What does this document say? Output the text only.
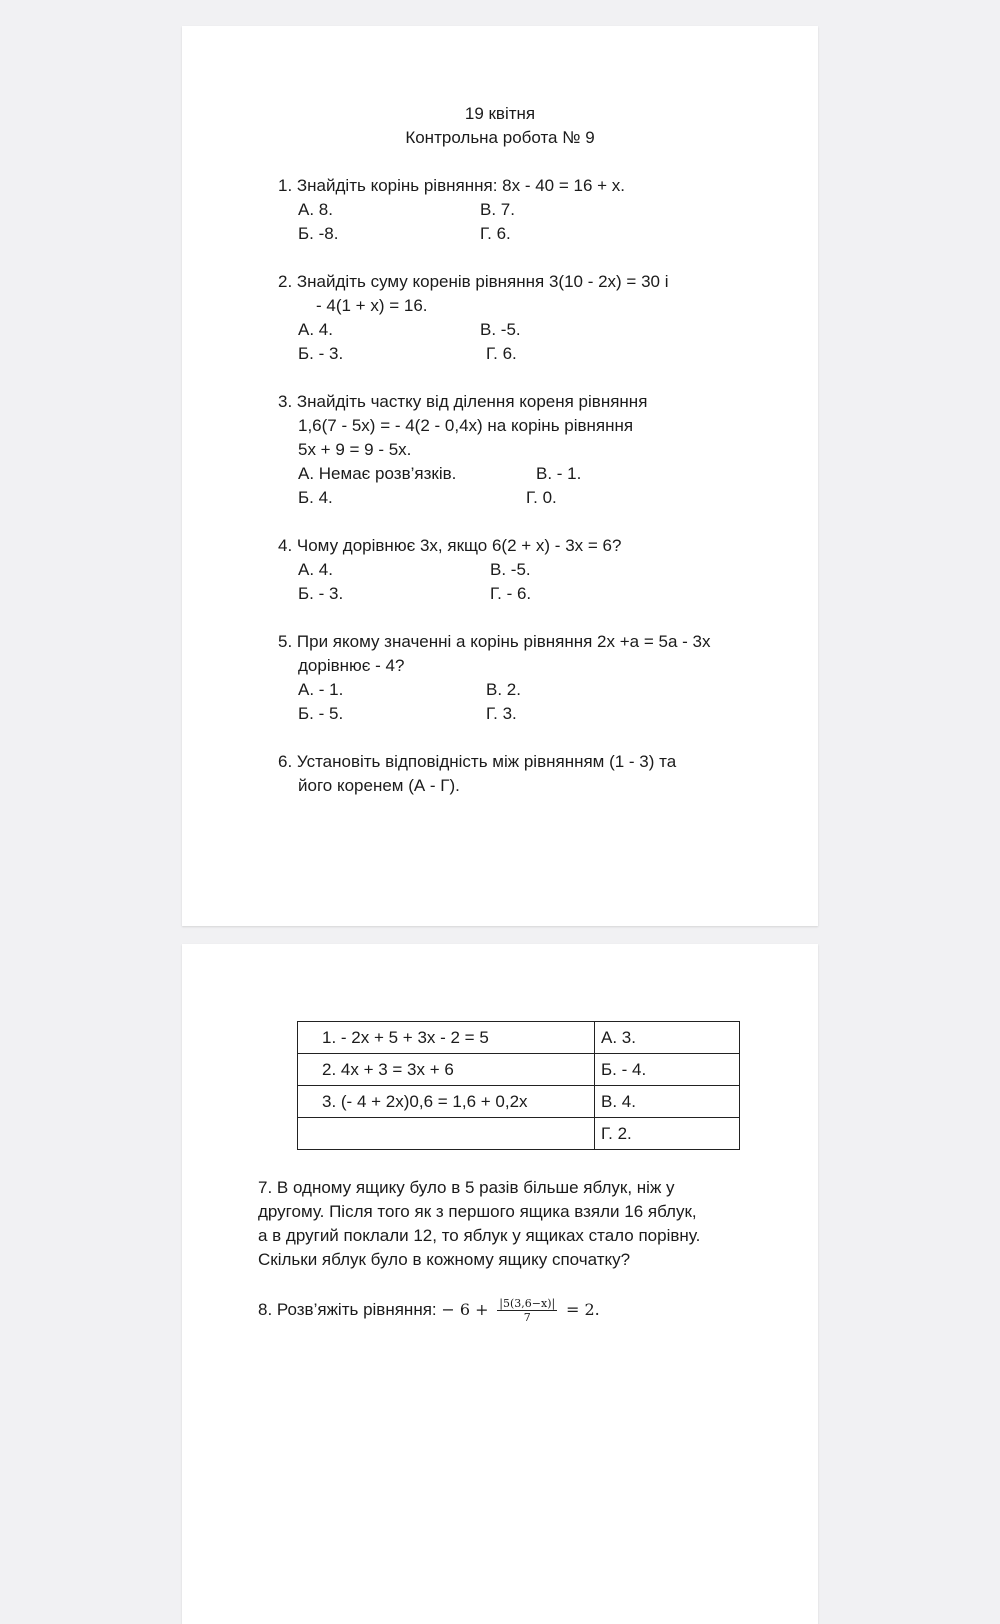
19 квітня
Контрольна робота № 9
1. Знайдіть корінь рівняння: 8х - 40 = 16 + х.
А. 8.	В. 7.
Б. -8.	Г. 6.
2. Знайдіть суму коренів рівняння 3(10 - 2х) = 30 і
- 4(1 + х) = 16.
А. 4.	В. -5.
Б. - 3.	Г. 6.
3. Знайдіть частку від ділення кореня рівняння
1,6(7 - 5х) = - 4(2 - 0,4х) на корінь рівняння
5х + 9 = 9 - 5х.
А. Немає розв’язків.	В. - 1.
Б. 4.	Г. 0.
4. Чому дорівнює 3х, якщо 6(2 + х) - 3х = 6?
А. 4.	В. -5.
Б. - 3.	Г. - 6.
5. При якому значенні а корінь рівняння 2х +а = 5а - 3х
дорівнює - 4?
А. - 1.	В. 2.
Б. - 5.	Г. 3.
6. Установіть відповідність між рівнянням (1 - 3) та
його коренем (А - Г).
1. - 2х + 5 + 3х - 2 = 5	А. 3.
2. 4х + 3 = 3х + 6	Б. - 4.
3. (- 4 + 2х)0,6 = 1,6 + 0,2х	В. 4.
	Г. 2.
7. В одному ящику було в 5 разів більше яблук, ніж у
другому. Після того як з першого ящика взяли 16 яблук,
а в другий поклали 12, то яблук у ящиках стало порівну.
Скільки яблук було в кожному ящику спочатку?
8. Розв’яжіть рівняння: − $6 + \frac{|5(3,6-х)|}{7} = 2$.
